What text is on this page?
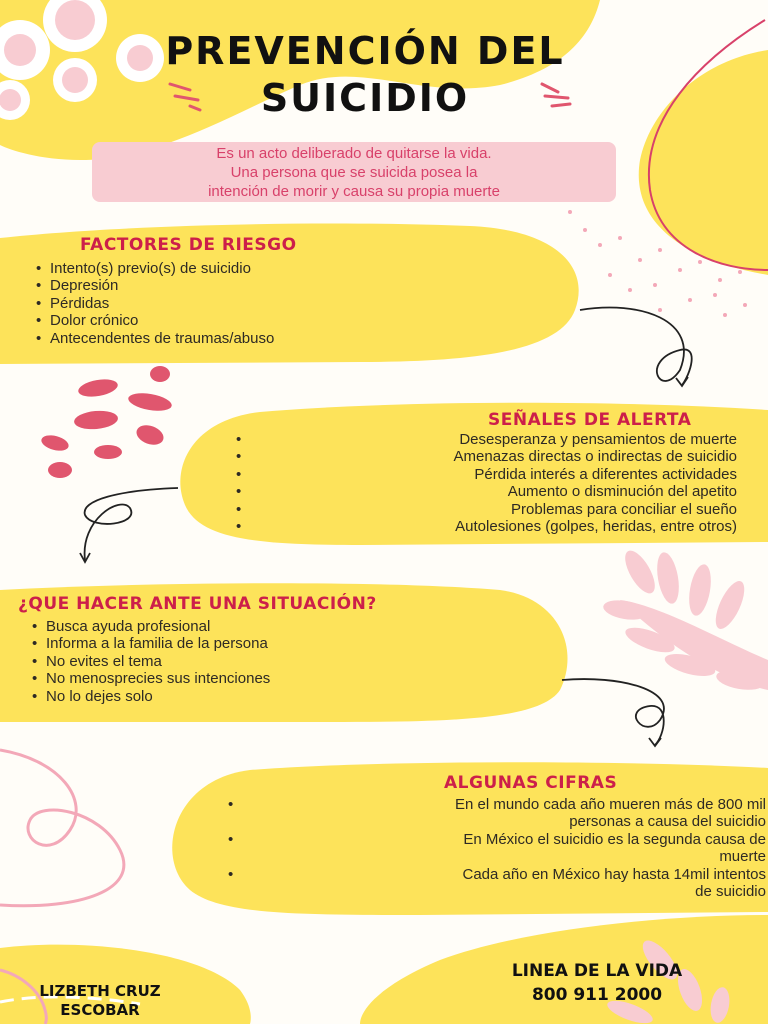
PREVENCIÓN DEL
SUICIDIO
Es un acto deliberado de quitarse la vida.
Una persona que se suicida posea la
intención de morir y causa su propia muerte
FACTORES DE RIESGO
• Intento(s) previo(s) de suicidio
• Depresión
• Pérdidas
• Dolor crónico
• Antecendentes de traumas/abuso
SEÑALES DE ALERTA
•
•
•
•
•
•
Desesperanza y pensamientos de muerte
Amenazas directas o indirectas de suicidio
Pérdida interés a diferentes actividades
Aumento o disminución del apetito
Problemas para conciliar el sueño
Autolesiones (golpes, heridas, entre otros)
¿QUE HACER ANTE UNA SITUACIÓN?
• Busca ayuda profesional
• Informa a la familia de la persona
• No evites el tema
• No menosprecies sus intenciones
• No lo dejes solo
ALGUNAS CIFRAS
•
•
•
En el mundo cada año mueren más de 800 mil
personas a causa del suicidio
En México el suicidio es la segunda causa de
muerte
Cada año en México hay hasta 14mil intentos
de suicidio
LIZBETH CRUZ
ESCOBAR
LINEA DE LA VIDA
800 911 2000
